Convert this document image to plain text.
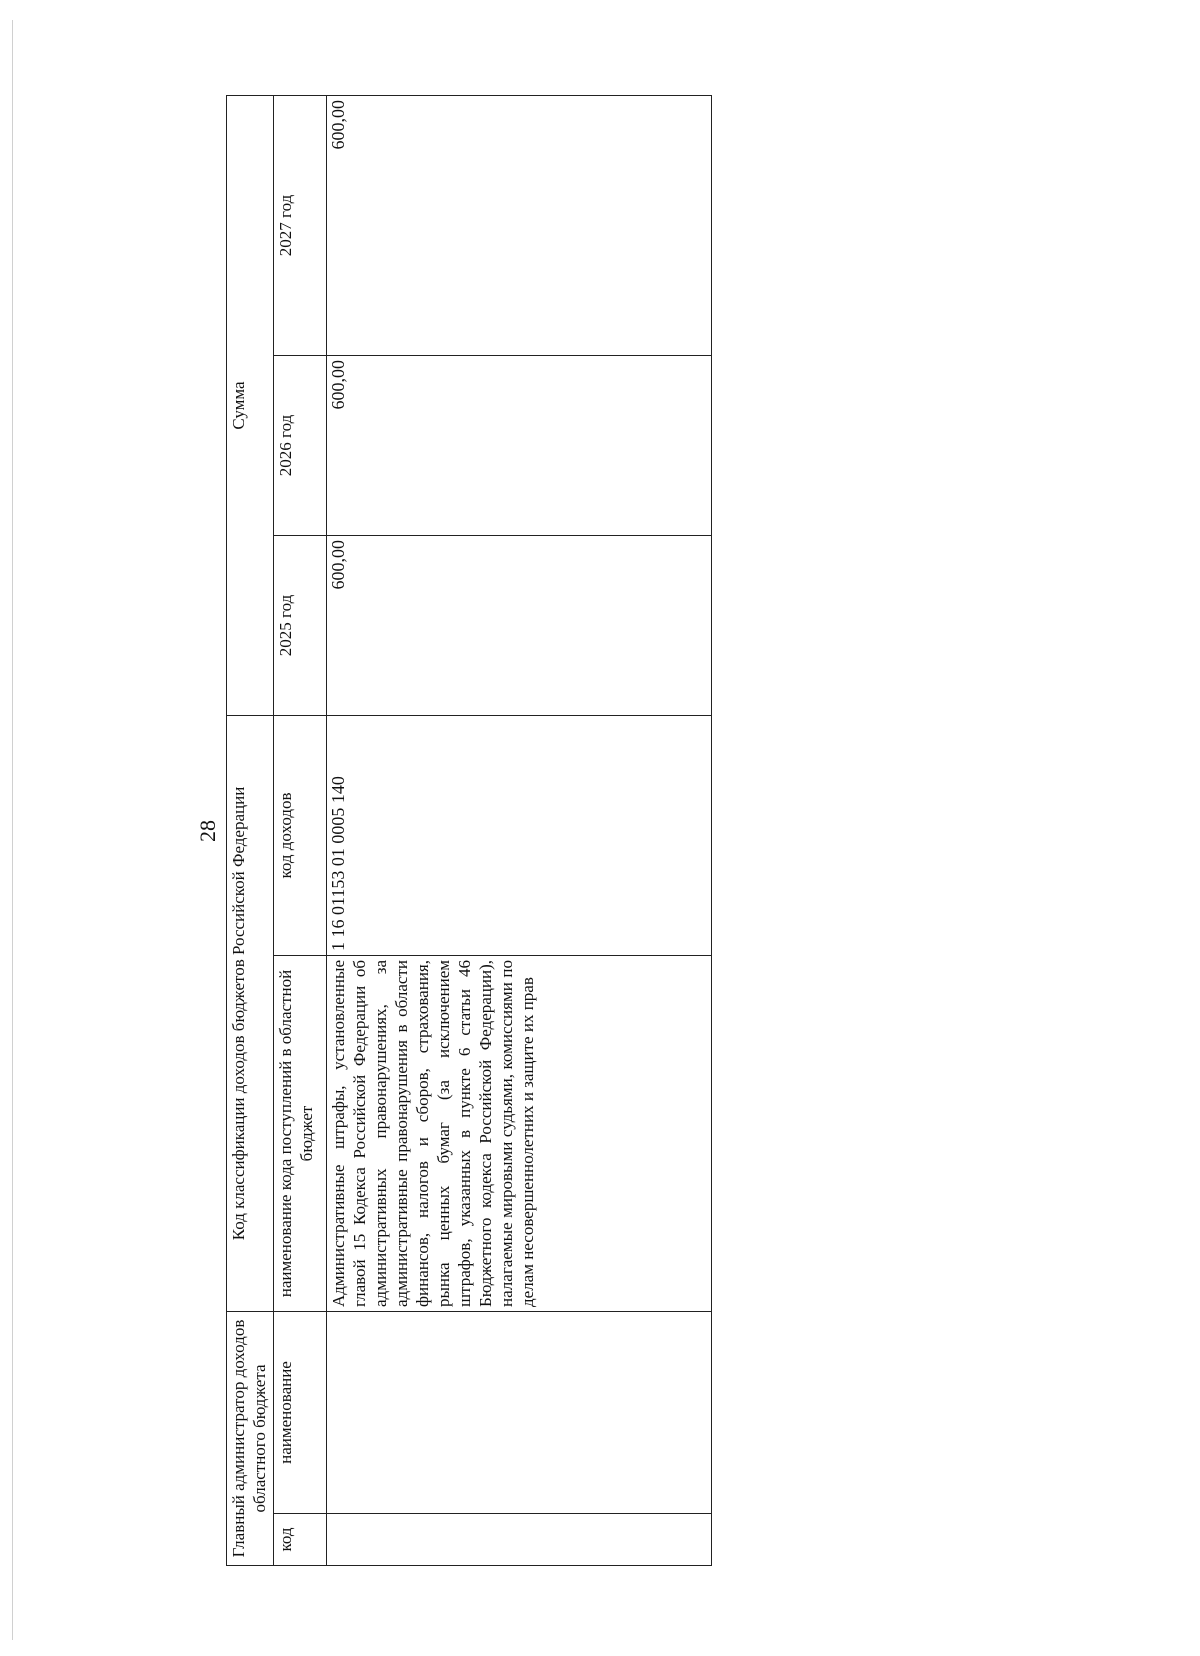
28
Главный администратор доходов областного бюджета		Код классификации доходов бюджетов Российской Федерации		Сумма		
код	наименование	наименование кода поступлений в областной бюджет	код доходов	2025 год	2026 год	2027 год
		Административные штрафы, установленные главой 15 Кодекса Российской Федерации об административных правонарушениях, за административные правонарушения в области финансов, налогов и сборов, страхования, рынка ценных бумаг (за исключением штрафов, указанных в пункте 6 статьи 46 Бюджетного кодекса Российской Федерации), налагаемые мировыми судьями, комиссиями по делам несовершеннолетних и защите их прав	1 16 01153 01 0005 140	600,00	600,00	600,00
